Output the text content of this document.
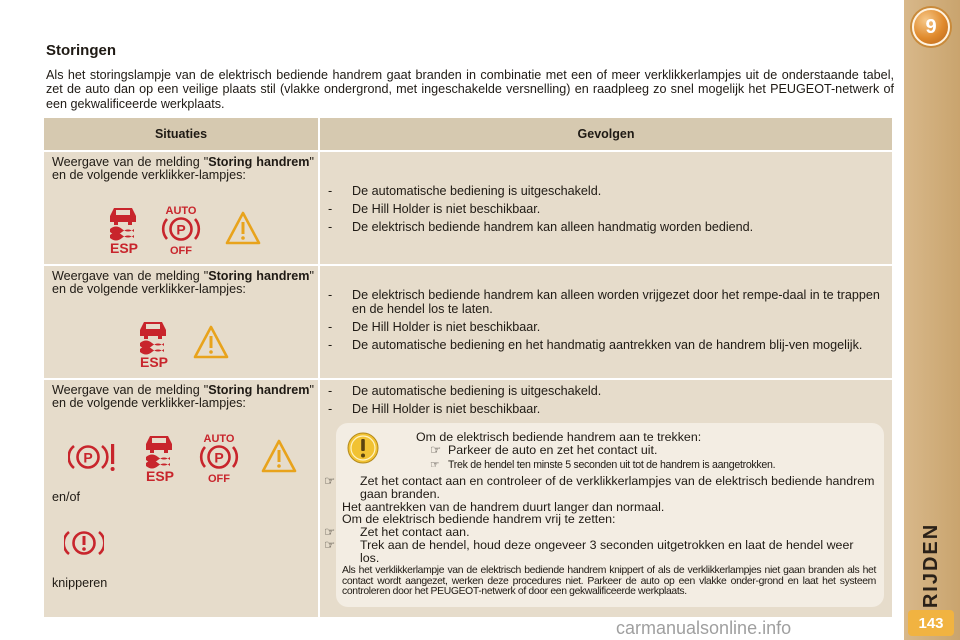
9
RIJDEN
143
Storingen
Als het storingslampje van de elektrisch bediende handrem gaat branden in combinatie met een of meer verklikkerlampjes uit de onderstaande tabel, zet de auto dan op een veilige plaats stil (vlakke ondergrond, met ingeschakelde versnelling) en raadpleeg zo snel mogelijk het PEUGEOT-netwerk of een gekwalificeerde werkplaats.
Situaties	Gevolgen
Weergave van de melding "Storing handrem" en de volgende verklikker-lampjes:
ESP
AUTO
P
OFF
- De automatische bediening is uitgeschakeld.
- De Hill Holder is niet beschikbaar.
- De elektrisch bediende handrem kan alleen handmatig worden bediend.
Weergave van de melding "Storing handrem" en de volgende verklikker-lampjes:
ESP
- De elektrisch bediende handrem kan alleen worden vrijgezet door het rempe-daal in te trappen en de hendel los te laten.
- De Hill Holder is niet beschikbaar.
- De automatische bediening en het handmatig aantrekken van de handrem blij-ven mogelijk.
Weergave van de melding "Storing handrem" en de volgende verklikker-lampjes:
P
ESP
AUTO
P
OFF
en/of
knipperen
- De automatische bediening is uitgeschakeld.
- De Hill Holder is niet beschikbaar.
Om de elektrisch bediende handrem aan te trekken:
☞ Parkeer de auto en zet het contact uit.
☞ Trek de hendel ten minste 5 seconden uit tot de handrem is aangetrokken.
☞ Zet het contact aan en controleer of de verklikkerlampjes van de elektrisch bediende handrem gaan branden.
Het aantrekken van de handrem duurt langer dan normaal.
Om de elektrisch bediende handrem vrij te zetten:
☞ Zet het contact aan.
☞ Trek aan de hendel, houd deze ongeveer 3 seconden uitgetrokken en laat de hendel weer los.
Als het verklikkerlampje van de elektrisch bediende handrem knippert of als de verklikkerlampjes niet gaan branden als het contact wordt aangezet, werken deze procedures niet. Parkeer de auto op een vlakke onder-grond en laat het systeem controleren door het PEUGEOT-netwerk of door een gekwalificeerde werkplaats.
carmanualsonline.info
